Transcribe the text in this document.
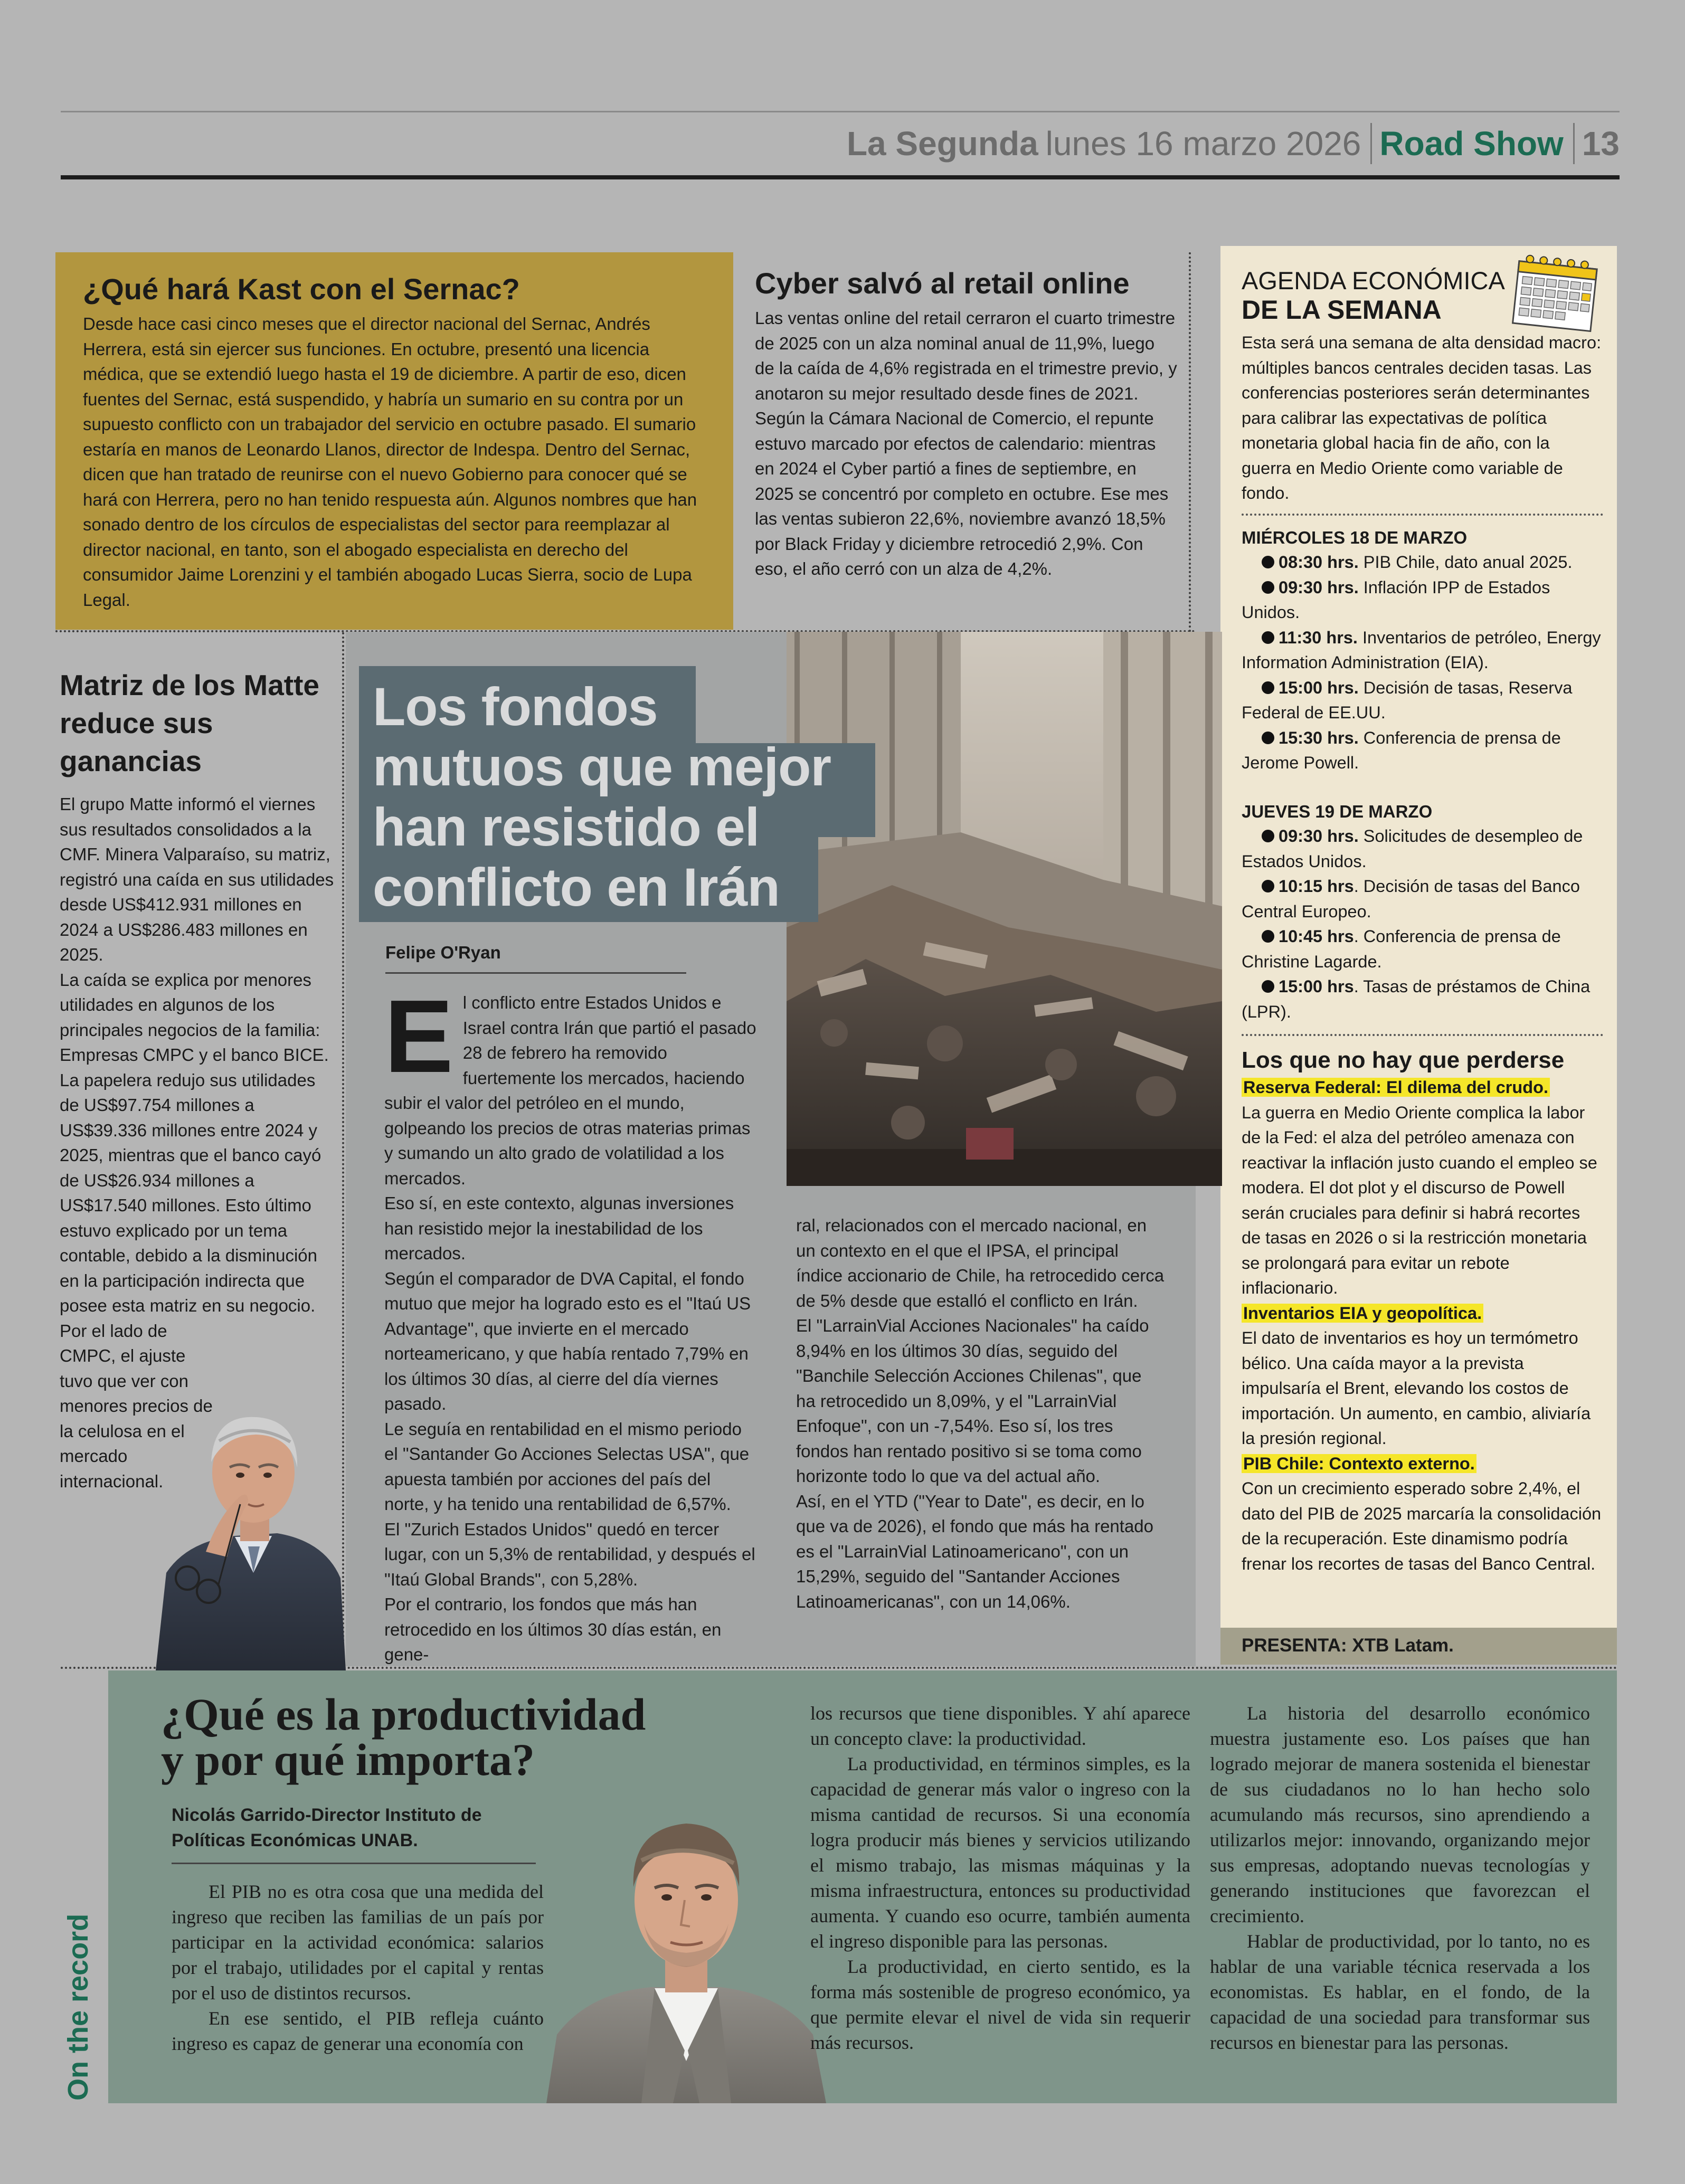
La Segunda lunes 16 marzo 2026 Road Show 13
¿Qué hará Kast con el Sernac?

Desde hace casi cinco meses que el director nacional del Sernac, Andrés Herrera, está sin ejercer sus funciones. En octubre, presentó una licencia médica, que se extendió luego hasta el 19 de diciembre. A partir de eso, dicen fuentes del Sernac, está suspendido, y habría un sumario en su contra por un supuesto conflicto con un trabajador del servicio en octubre pasado. El sumario estaría en manos de Leonardo Llanos, director de Indespa. Dentro del Sernac, dicen que han tratado de reunirse con el nuevo Gobierno para conocer qué se hará con Herrera, pero no han tenido respuesta aún. Algunos nombres que han sonado dentro de los círculos de especialistas del sector para reemplazar al director nacional, en tanto, son el abogado especialista en derecho del consumidor Jaime Lorenzini y el también abogado Lucas Sierra, socio de Lupa Legal.

Cyber salvó al retail online

Las ventas online del retail cerraron el cuarto trimestre de 2025 con un alza nominal anual de 11,9%, luego de la caída de 4,6% registrada en el trimestre previo, y anotaron su mejor resultado desde fines de 2021. Según la Cámara Nacional de Comercio, el repunte estuvo marcado por efectos de calendario: mientras en 2024 el Cyber partió a fines de septiembre, en 2025 se concentró por completo en octubre. Ese mes las ventas subieron 22,6%, noviembre avanzó 18,5% por Black Friday y diciembre retrocedió 2,9%. Con eso, el año cerró con un alza de 4,2%.

AGENDA ECONÓMICA
DE LA SEMANA

Esta será una semana de alta densidad macro: múltiples bancos centrales deciden tasas. Las conferencias posteriores serán determinantes para calibrar las expectativas de política monetaria global hacia fin de año, con la guerra en Medio Oriente como variable de fondo.

MIÉRCOLES 18 DE MARZO
08:30 hrs. PIB Chile, dato anual 2025.
09:30 hrs. Inflación IPP de Estados Unidos.
11:30 hrs. Inventarios de petróleo, Energy Information Administration (EIA).
15:00 hrs. Decisión de tasas, Reserva Federal de EE.UU.
15:30 hrs. Conferencia de prensa de Jerome Powell.
JUEVES 19 DE MARZO
09:30 hrs. Solicitudes de desempleo de Estados Unidos.
10:15 hrs. Decisión de tasas del Banco Central Europeo.
10:45 hrs. Conferencia de prensa de Christine Lagarde.
15:00 hrs. Tasas de préstamos de China (LPR).
Los que no hay que perderse
Reserva Federal: El dilema del crudo.

La guerra en Medio Oriente complica la labor de la Fed: el alza del petróleo amenaza con reactivar la inflación justo cuando el empleo se modera. El dot plot y el discurso de Powell serán cruciales para definir si habrá recortes de tasas en 2026 o si la restricción monetaria se prolongará para evitar un rebote inflacionario.

Inventarios EIA y geopolítica.

El dato de inventarios es hoy un termómetro bélico. Una caída mayor a la prevista impulsaría el Brent, elevando los costos de importación. Un aumento, en cambio, aliviaría la presión regional.

PIB Chile: Contexto externo.

Con un crecimiento esperado sobre 2,4%, el dato del PIB de 2025 marcaría la consolidación de la recuperación. Este dinamismo podría frenar los recortes de tasas del Banco Central.

PRESENTA: XTB Latam.
Matriz de los Matte reduce sus ganancias

El grupo Matte informó el viernes sus resultados consolidados a la CMF. Minera Valparaíso, su matriz, registró una caída en sus utilidades desde US$412.931 millones en 2024 a US$286.483 millones en 2025.

La caída se explica por menores utilidades en algunos de los principales negocios de la familia: Empresas CMPC y el banco BICE.

La papelera redujo sus utilidades de US$97.754 millones a US$39.336 millones entre 2024 y 2025, mientras que el banco cayó de US$26.934 millones a US$17.540 millones. Esto último estuvo explicado por un tema contable, debido a la disminución en la participación indirecta que posee esta matriz en su negocio.

Por el lado de CMPC, el ajuste tuvo que ver con menores precios de la celulosa en el mercado internacional.

Los fondos
mutuos que mejor
han resistido el
conflicto en Irán
Felipe O'Ryan
E l conflicto entre Estados Unidos e Israel contra Irán que partió el pasado 28 de febrero ha removido fuertemente los mercados, haciendo subir el valor del petróleo en el mundo, golpeando los precios de otras materias primas y sumando un alto grado de volatilidad a los mercados.

Eso sí, en este contexto, algunas inversiones han resistido mejor la inestabilidad de los mercados.

Según el comparador de DVA Capital, el fondo mutuo que mejor ha logrado esto es el "Itaú US Advantage", que invierte en el mercado norteamericano, y que había rentado 7,79% en los últimos 30 días, al cierre del día viernes pasado.

Le seguía en rentabilidad en el mismo periodo el "Santander Go Acciones Selectas USA", que apuesta también por acciones del país del norte, y ha tenido una rentabilidad de 6,57%.

El "Zurich Estados Unidos" quedó en tercer lugar, con un 5,3% de rentabilidad, y después el "Itaú Global Brands", con 5,28%.

Por el contrario, los fondos que más han retrocedido en los últimos 30 días están, en gene-

ral, relacionados con el mercado nacional, en un contexto en el que el IPSA, el principal índice accionario de Chile, ha retrocedido cerca de 5% desde que estalló el conflicto en Irán.

El "LarrainVial Acciones Nacionales" ha caído 8,94% en los últimos 30 días, seguido del "Banchile Selección Acciones Chilenas", que ha retrocedido un 8,09%, y el "LarrainVial Enfoque", con un -7,54%. Eso sí, los tres fondos han rentado positivo si se toma como horizonte todo lo que va del actual año.

Así, en el YTD ("Year to Date", es decir, en lo que va de 2026), el fondo que más ha rentado es el "LarrainVial Latinoamericano", con un 15,29%, seguido del "Santander Acciones Latinoamericanas", con un 14,06%.

On the record
¿Qué es la productividad
y por qué importa?
Nicolás Garrido-Director Instituto de Políticas Económicas UNAB.

El PIB no es otra cosa que una medida del ingreso que reciben las familias de un país por participar en la actividad económica: salarios por el trabajo, utilidades por el capital y rentas por el uso de distintos recursos.

En ese sentido, el PIB refleja cuánto ingreso es capaz de generar una economía con

los recursos que tiene disponibles. Y ahí aparece un concepto clave: la productividad.

La productividad, en términos simples, es la capacidad de generar más valor o ingreso con la misma cantidad de recursos. Si una economía logra producir más bienes y servicios utilizando el mismo trabajo, las mismas máquinas y la misma infraestructura, entonces su productividad aumenta. Y cuando eso ocurre, también aumenta el ingreso disponible para las personas.

La productividad, en cierto sentido, es la forma más sostenible de progreso económico, ya que permite elevar el nivel de vida sin requerir más recursos.

La historia del desarrollo económico muestra justamente eso. Los países que han logrado mejorar de manera sostenida el bienestar de sus ciudadanos no lo han hecho solo acumulando más recursos, sino aprendiendo a utilizarlos mejor: innovando, organizando mejor sus empresas, adoptando nuevas tecnologías y generando instituciones que favorezcan el crecimiento.

Hablar de productividad, por lo tanto, no es hablar de una variable técnica reservada a los economistas. Es hablar, en el fondo, de la capacidad de una sociedad para transformar sus recursos en bienestar para las personas.
